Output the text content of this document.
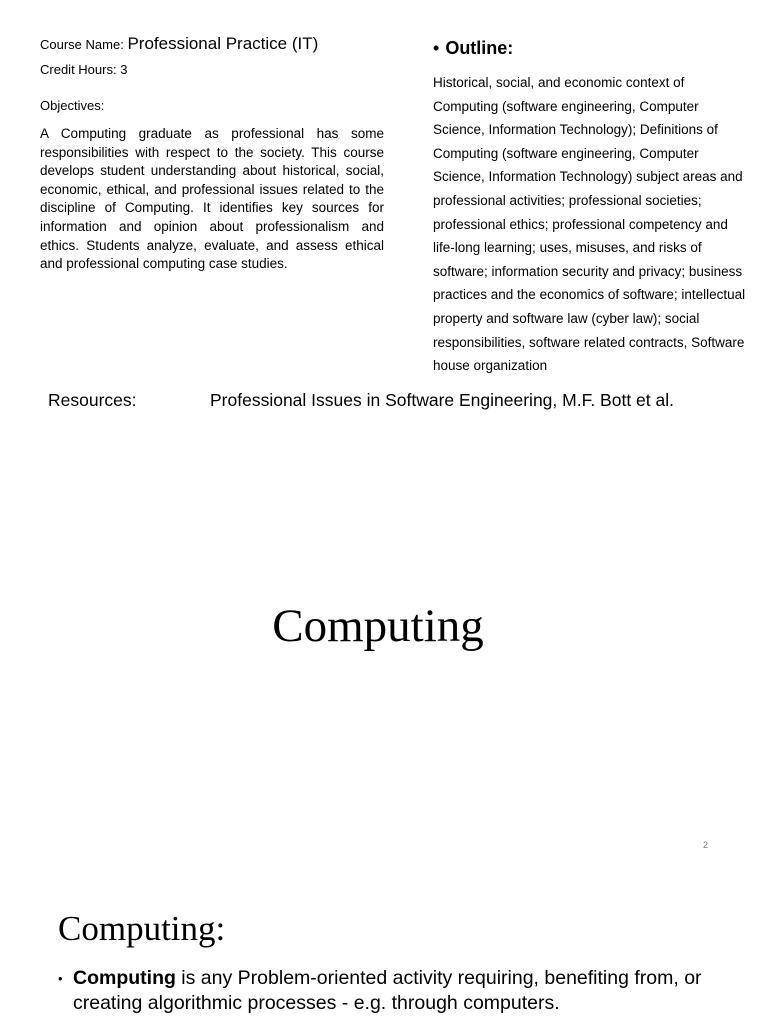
Course Name: Professional Practice (IT)
Credit Hours: 3
Objectives:
A Computing graduate as professional has some responsibilities with respect to the society. This course develops student understanding about historical, social, economic, ethical, and professional issues related to the discipline of Computing. It identifies key sources for information and opinion about professionalism and ethics. Students analyze, evaluate, and assess ethical and professional computing case studies.
• Outline:
Historical, social, and economic context of Computing (software engineering, Computer Science, Information Technology); Definitions of Computing (software engineering, Computer Science, Information Technology) subject areas and professional activities; professional societies; professional ethics; professional competency and life-long learning; uses, misuses, and risks of software; information security and privacy; business practices and the economics of software; intellectual property and software law (cyber law); social responsibilities, software related contracts, Software house organization
Resources:	Professional Issues in Software Engineering, M.F. Bott et al.
Computing
2
Computing:
• Computing is any Problem-oriented activity requiring, benefiting from, or creating algorithmic processes - e.g. through computers.
